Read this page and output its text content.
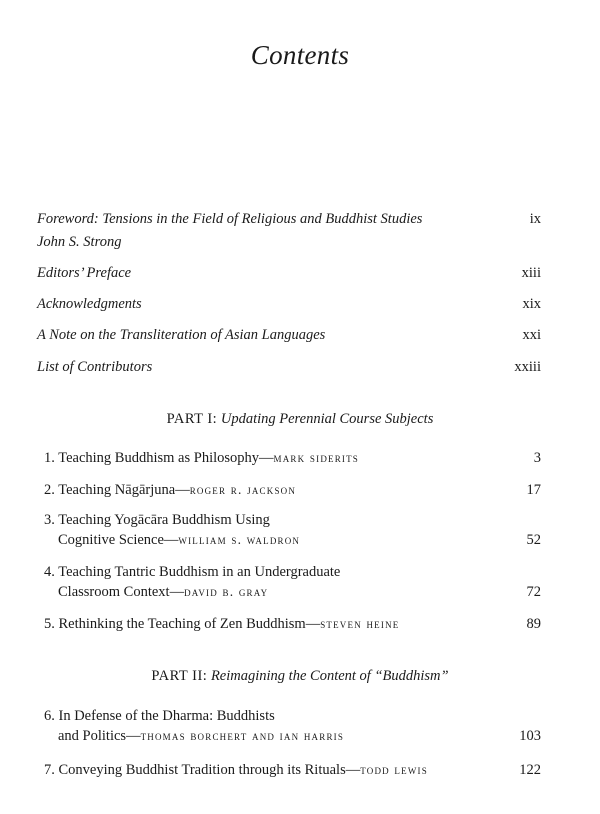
Contents
Foreword: Tensions in the Field of Religious and Buddhist Studies	ix
John S. Strong
Editors’ Preface	xiii
Acknowledgments	xix
A Note on the Transliteration of Asian Languages	xxi
List of Contributors	xxiii
PART I: Updating Perennial Course Subjects
1. Teaching Buddhism as Philosophy—mark siderits	3
2. Teaching Nāgārjuna—roger r. jackson	17
3. Teaching Yogācāra Buddhism Using
Cognitive Science—william s. waldron	52
4. Teaching Tantric Buddhism in an Undergraduate
Classroom Context—david b. gray	72
5. Rethinking the Teaching of Zen Buddhism—steven heine	89
PART II: Reimagining the Content of “Buddhism”
6. In Defense of the Dharma: Buddhists
and Politics—thomas borchert and ian harris	103
7. Conveying Buddhist Tradition through its Rituals—todd lewis	122
